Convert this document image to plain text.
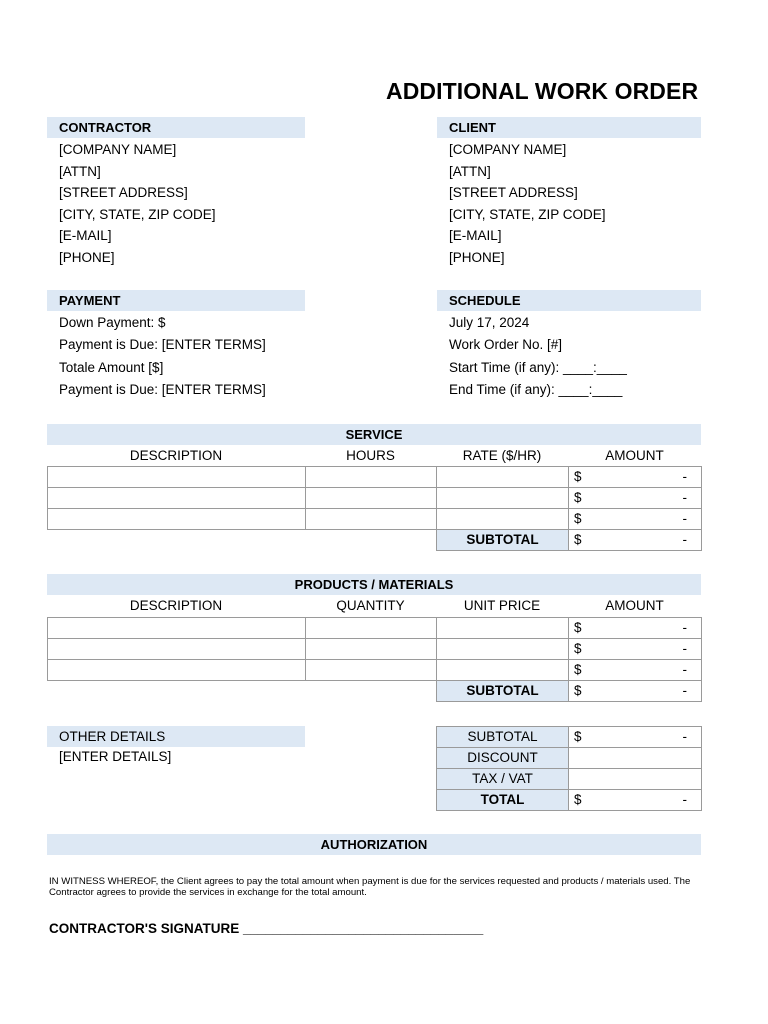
ADDITIONAL WORK ORDER
CONTRACTOR
[COMPANY NAME]
[ATTN]
[STREET ADDRESS]
[CITY, STATE, ZIP CODE]
[E-MAIL]
[PHONE]
CLIENT
[COMPANY NAME]
[ATTN]
[STREET ADDRESS]
[CITY, STATE, ZIP CODE]
[E-MAIL]
[PHONE]
PAYMENT
Down Payment: $
Payment is Due: [ENTER TERMS]
Totale Amount [$]
Payment is Due: [ENTER TERMS]
SCHEDULE
July 17, 2024
Work Order No. [#]
Start Time (if any): ____:____
End Time (if any): ____:____
SERVICE
DESCRIPTION	HOURS	RATE ($/HR)	AMOUNT

			$ -

			$ -

			$ -

		SUBTOTAL	$ -
PRODUCTS / MATERIALS
DESCRIPTION	QUANTITY	UNIT PRICE	AMOUNT

			$ -

			$ -

			$ -

		SUBTOTAL	$ -
OTHER DETAILS
[ENTER DETAILS]
SUBTOTAL	$ -

DISCOUNT	
TAX / VAT	
TOTAL	$ -
AUTHORIZATION
IN WITNESS WHEREOF, the Client agrees to pay the total amount when payment is due for the services requested and products / materials used. The Contractor agrees to provide the services in exchange for the total amount.
CONTRACTOR'S SIGNATURE ________________________________
